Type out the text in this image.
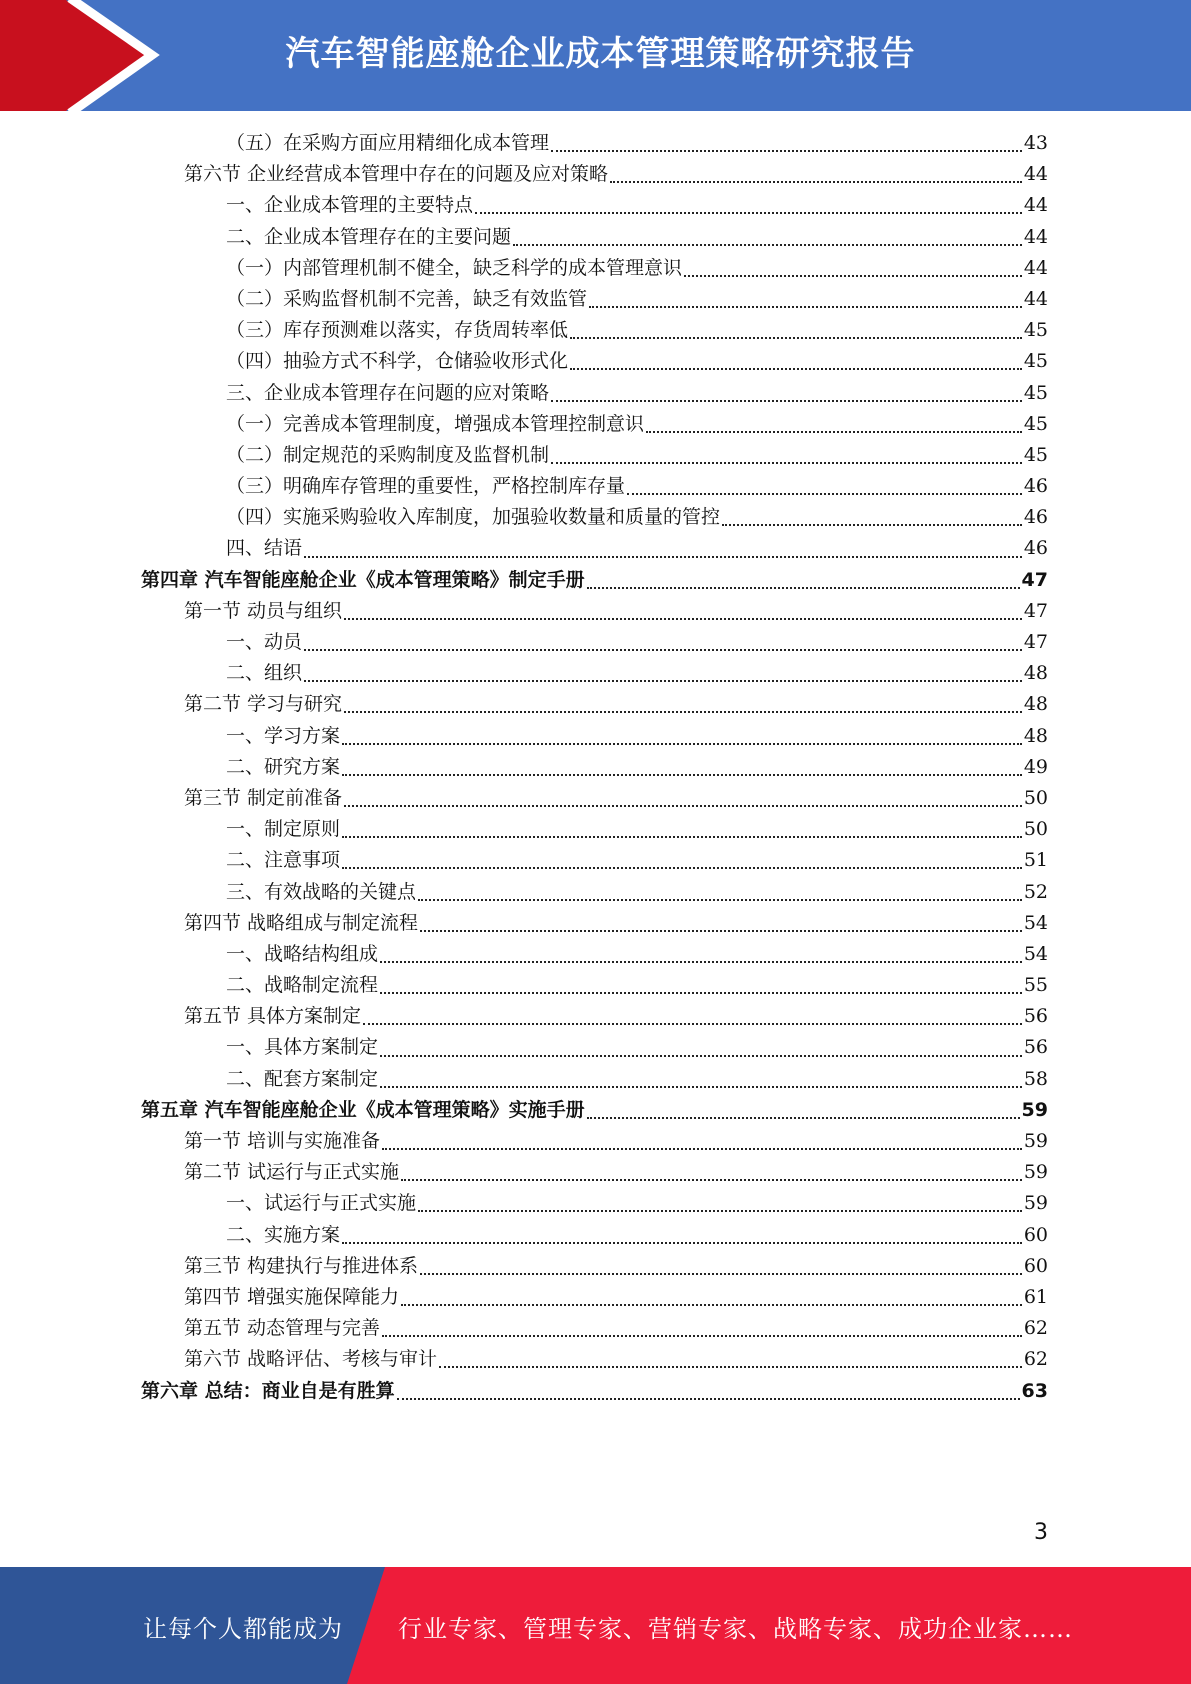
汽车智能座舱企业成本管理策略研究报告
（五）在采购方面应用精细化成本管理	43
第六节 企业经营成本管理中存在的问题及应对策略	44
一、企业成本管理的主要特点	44
二、企业成本管理存在的主要问题	44
（一）内部管理机制不健全，缺乏科学的成本管理意识	44
（二）采购监督机制不完善，缺乏有效监管	44
（三）库存预测难以落实，存货周转率低	45
（四）抽验方式不科学，仓储验收形式化	45
三、企业成本管理存在问题的应对策略	45
（一）完善成本管理制度，增强成本管理控制意识	45
（二）制定规范的采购制度及监督机制	45
（三）明确库存管理的重要性，严格控制库存量	46
（四）实施采购验收入库制度，加强验收数量和质量的管控	46
四、结语	46
第四章 汽车智能座舱企业《成本管理策略》制定手册	47
第一节 动员与组织	47
一、动员	47
二、组织	48
第二节 学习与研究	48
一、学习方案	48
二、研究方案	49
第三节 制定前准备	50
一、制定原则	50
二、注意事项	51
三、有效战略的关键点	52
第四节 战略组成与制定流程	54
一、战略结构组成	54
二、战略制定流程	55
第五节 具体方案制定	56
一、具体方案制定	56
二、配套方案制定	58
第五章 汽车智能座舱企业《成本管理策略》实施手册	59
第一节 培训与实施准备	59
第二节 试运行与正式实施	59
一、试运行与正式实施	59
二、实施方案	60
第三节 构建执行与推进体系	60
第四节 增强实施保障能力	61
第五节 动态管理与完善	62
第六节 战略评估、考核与审计	62
第六章 总结：商业自是有胜算	63
3
让每个人都能成为 行业专家、管理专家、营销专家、战略专家、成功企业家……
